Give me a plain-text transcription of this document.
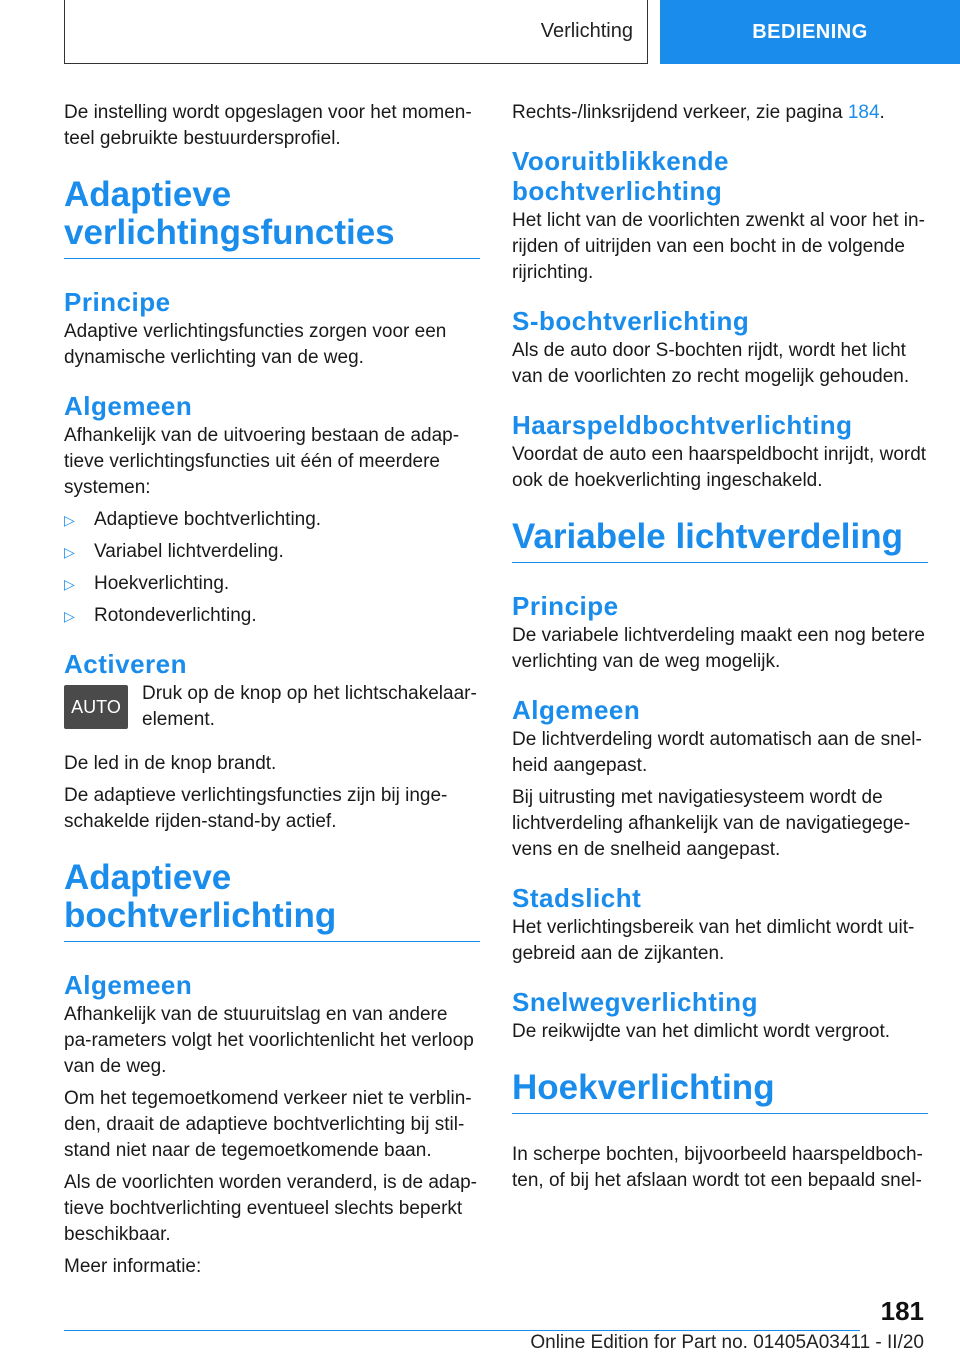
Verlichting	BEDIENING

De instelling wordt opgeslagen voor het momen-teel gebruikte bestuurdersprofiel.

Adaptieve verlichtingsfuncties
Principe

Adaptive verlichtingsfuncties zorgen voor een dynamische verlichting van de weg.

Algemeen

Afhankelijk van de uitvoering bestaan de adap-tieve verlichtingsfuncties uit één of meerdere systemen:

▷	Adaptieve bochtverlichting.
▷	Variabel lichtverdeling.
▷	Hoekverlichting.
▷	Rotondeverlichting.
Activeren
AUTO

Druk op de knop op het lichtschakelaar-element.

De led in de knop brandt.

De adaptieve verlichtingsfuncties zijn bij inge-schakelde rijden-stand-by actief.

Adaptieve bochtverlichting
Algemeen

Afhankelijk van de stuuruitslag en van andere pa-rameters volgt het voorlichtenlicht het verloop van de weg.

Om het tegemoetkomend verkeer niet te verblin-den, draait de adaptieve bochtverlichting bij stil-stand niet naar de tegemoetkomende baan.

Als de voorlichten worden veranderd, is de adap-tieve bochtverlichting eventueel slechts beperkt beschikbaar.

Meer informatie:

Rechts-/linksrijdend verkeer, zie pagina 184.

Vooruitblikkende bochtverlichting

Het licht van de voorlichten zwenkt al voor het in-rijden of uitrijden van een bocht in de volgende rijrichting.

S-bochtverlichting

Als de auto door S-bochten rijdt, wordt het licht van de voorlichten zo recht mogelijk gehouden.

Haarspeldbochtverlichting

Voordat de auto een haarspeldbocht inrijdt, wordt ook de hoekverlichting ingeschakeld.

Variabele lichtverdeling
Principe

De variabele lichtverdeling maakt een nog betere verlichting van de weg mogelijk.

Algemeen

De lichtverdeling wordt automatisch aan de snel-heid aangepast.

Bij uitrusting met navigatiesysteem wordt de lichtverdeling afhankelijk van de navigatiegege-vens en de snelheid aangepast.

Stadslicht

Het verlichtingsbereik van het dimlicht wordt uit-gebreid aan de zijkanten.

Snelwegverlichting

De reikwijdte van het dimlicht wordt vergroot.

Hoekverlichting

In scherpe bochten, bijvoorbeeld haarspeldboch-ten, of bij het afslaan wordt tot een bepaald snel-

181
Online Edition for Part no. 01405A03411 - II/20
